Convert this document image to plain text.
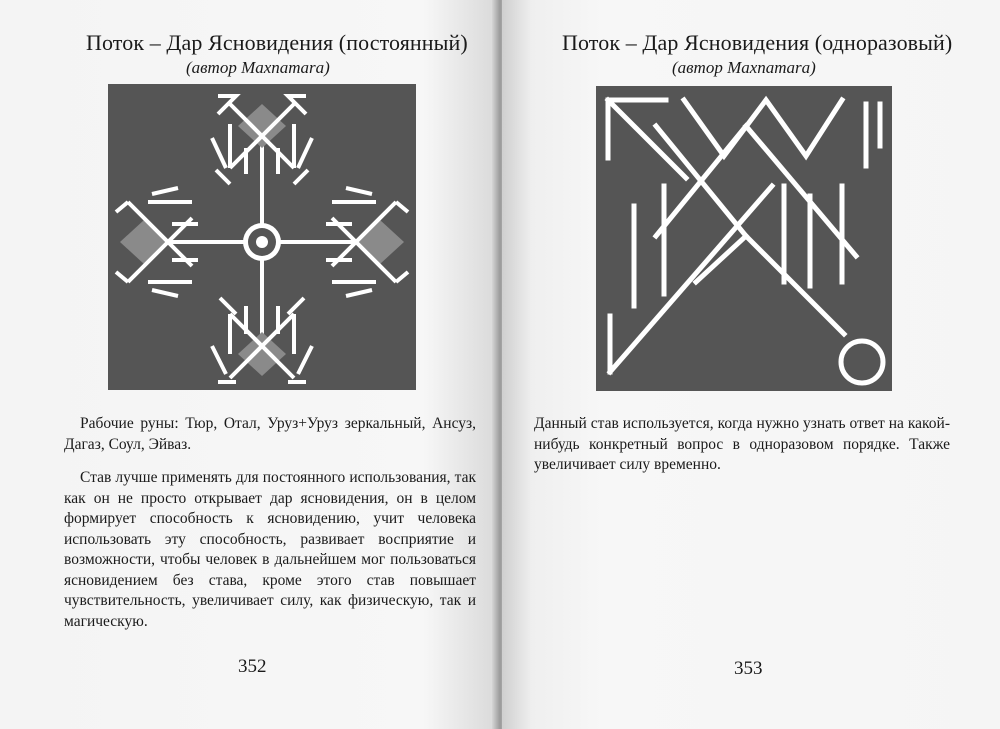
Поток – Дар Ясновидения (постоянный)
(автор Maxnamara)

Рабочие руны: Тюр, Отал, Уруз+Уруз зеркальный, Ансуз, Дагаз, Соул, Эйваз.

Став лучше применять для постоянного использования, так как он не просто открывает дар ясновидения, он в целом формирует способность к ясновидению, учит человека использовать эту способность, развивает восприятие и возможности, чтобы человек в дальнейшем мог пользоваться ясновидением без става, кроме этого став повышает чувствительность, увеличивает силу, как физическую, так и магическую.

352
Поток – Дар Ясновидения (одноразовый)
(автор Maxnamara)

Данный став используется, когда нужно узнать ответ на какой-нибудь конкретный вопрос в одноразовом порядке. Также увеличивает силу временно.

353
